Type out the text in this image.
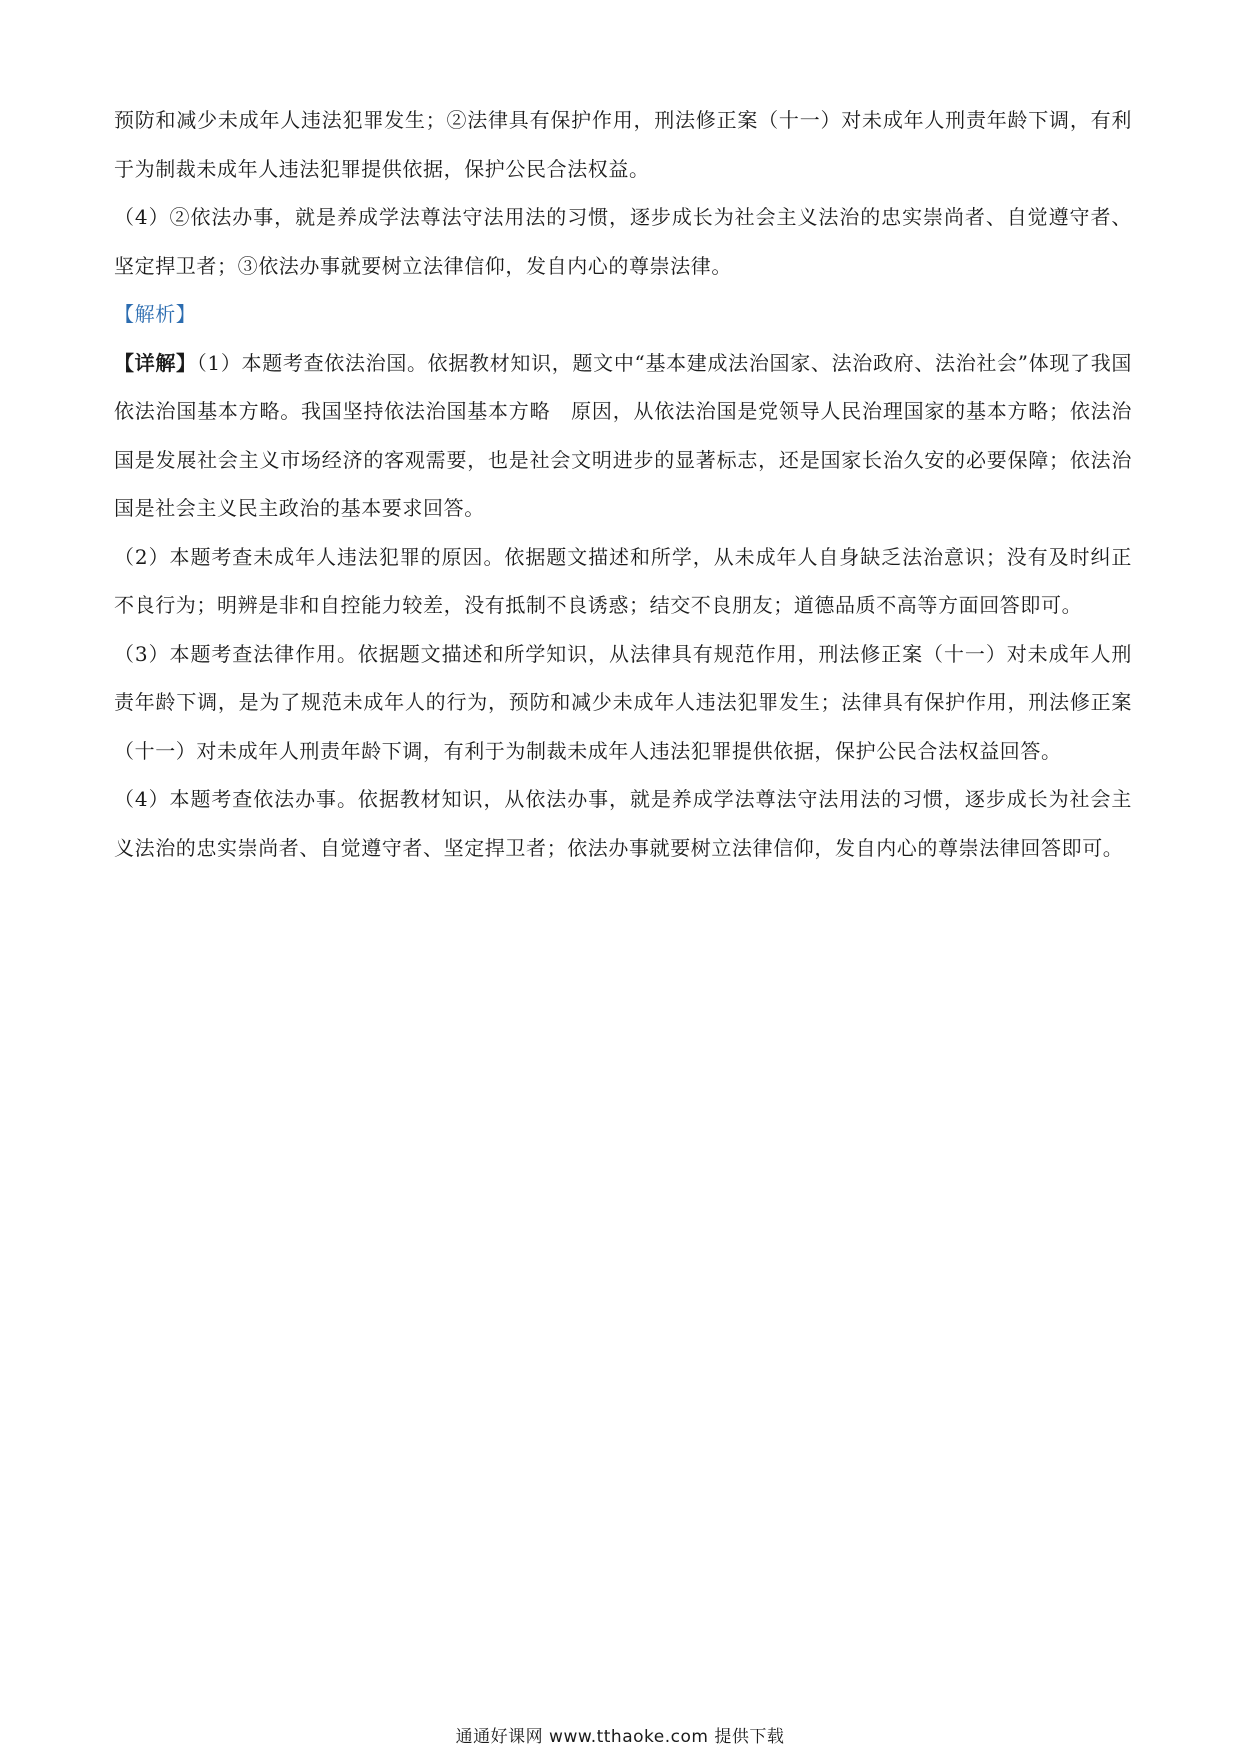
预防和减少未成年人违法犯罪发生；②法律具有保护作用，刑法修正案（十一）对未成年人刑责年龄下调，有利于为制裁未成年人违法犯罪提供依据，保护公民合法权益。

（4）②依法办事，就是养成学法尊法守法用法的习惯，逐步成长为社会主义法治的忠实崇尚者、自觉遵守者、坚定捍卫者；③依法办事就要树立法律信仰，发自内心的尊崇法律。

【解析】

【详解】（1）本题考查依法治国。依据教材知识，题文中“基本建成法治国家、法治政府、法治社会”体现了我国依法治国基本方略。我国坚持依法治国基本方略　原因，从依法治国是党领导人民治理国家的基本方略；依法治国是发展社会主义市场经济的客观需要，也是社会文明进步的显著标志，还是国家长治久安的必要保障；依法治国是社会主义民主政治的基本要求回答。

（2）本题考查未成年人违法犯罪的原因。依据题文描述和所学，从未成年人自身缺乏法治意识；没有及时纠正不良行为；明辨是非和自控能力较差，没有抵制不良诱惑；结交不良朋友；道德品质不高等方面回答即可。

（3）本题考查法律作用。依据题文描述和所学知识，从法律具有规范作用，刑法修正案（十一）对未成年人刑责年龄下调，是为了规范未成年人的行为，预防和减少未成年人违法犯罪发生；法律具有保护作用，刑法修正案（十一）对未成年人刑责年龄下调，有利于为制裁未成年人违法犯罪提供依据，保护公民合法权益回答。

（4）本题考查依法办事。依据教材知识，从依法办事，就是养成学法尊法守法用法的习惯，逐步成长为社会主义法治的忠实崇尚者、自觉遵守者、坚定捍卫者；依法办事就要树立法律信仰，发自内心的尊崇法律回答即可。

通通好课网 www.tthaoke.com 提供下载
